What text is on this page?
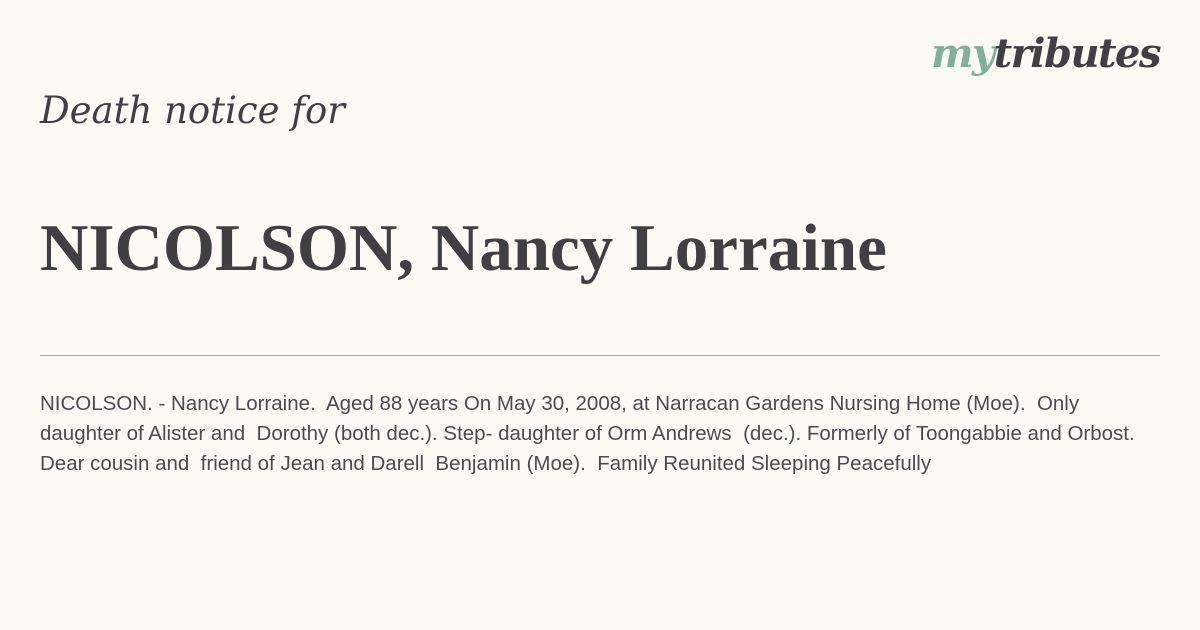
mytributes
Death notice for
NICOLSON, Nancy Lorraine

NICOLSON. - Nancy Lorraine.  Aged 88 years On May 30, 2008, at Narracan Gardens Nursing Home (Moe).  Only daughter of Alister and  Dorothy (both dec.). Step- daughter of Orm Andrews  (dec.). Formerly of Toongabbie and Orbost.  Dear cousin and  friend of Jean and Darell  Benjamin (Moe).  Family Reunited Sleeping Peacefully
